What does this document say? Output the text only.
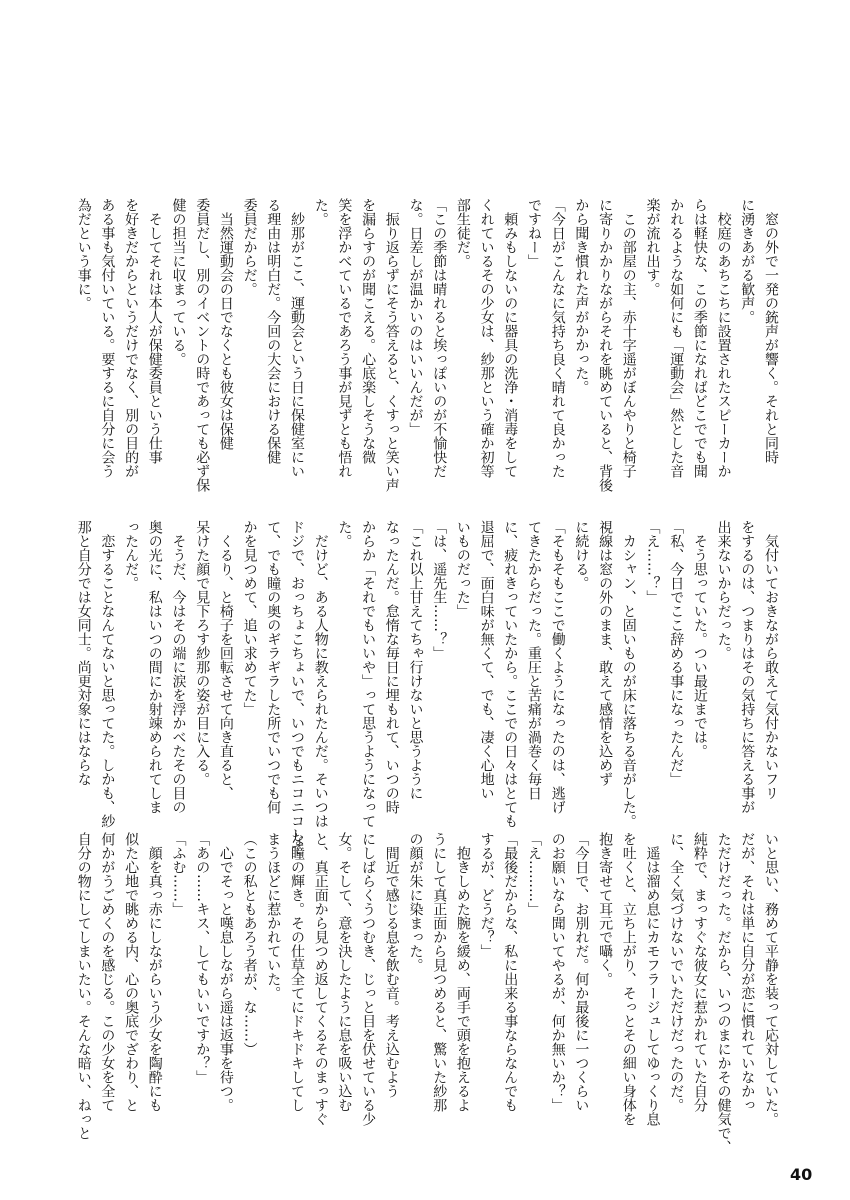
　窓の外で一発の銃声が響く。それと同時
に湧きあがる歓声。
　校庭のあちこちに設置されたスピーカーか
らは軽快な、この季節になればどこででも聞
かれるような如何にも「運動会」然とした音
楽が流れ出す。
　この部屋の主、赤十字遥がぼんやりと椅子
に寄りかかりながらそれを眺めていると、背後
から聞き慣れた声がかかった。
「今日がこんなに気持ち良く晴れて良かった
ですねー」
　頼みもしないのに器具の洗浄・消毒をして
くれているその少女は、紗那という確か初等
部生徒だ。
「この季節は晴れると埃っぽいのが不愉快だ
な。日差しが温かいのはいいんだが」
　振り返らずにそう答えると、くすっと笑い声
を漏らすのが聞こえる。心底楽しそうな微
笑を浮かべているであろう事が見ずとも悟れ
た。
　紗那がここ、運動会という日に保健室にい
る理由は明白だ。今回の大会における保健
委員だからだ。
　当然運動会の日でなくとも彼女は保健
委員だし、別のイベントの時であっても必ず保
健の担当に収まっている。
　そしてそれは本人が保健委員という仕事
を好きだからというだけでなく、別の目的が
ある事も気付いている。要するに自分に会う
為だという事に。
　気付いておきながら敢えて気付かないフリ
をするのは、つまりはその気持ちに答える事が
出来ないからだった。
　そう思っていた。つい最近までは。
「私、今日でここ辞める事になったんだ」
「え……？」
　カシャン、と固いものが床に落ちる音がした。
視線は窓の外のまま、敢えて感情を込めず
に続ける。
「そもそもここで働くようになったのは、逃げ
てきたからだった。重圧と苦痛が渦巻く毎日
に、疲れきっていたから。ここでの日々はとても
退屈で、面白味が無くて、でも、凄く心地い
いものだった」
「は、遥先生……？」
「これ以上甘えてちゃ行けないと思うように
なったんだ。怠惰な毎日に埋もれて、いつの時
からか「それでもいいや」って思うようになって
た。
　だけど、ある人物に教えられたんだ。そいつは
ドジで、おっちょこちょいで、いつでもニコニコして
て、でも瞳の奥のギラギラした所でいつでも何
かを見つめて、追い求めてた」
　くるり、と椅子を回転させて向き直ると、
呆けた顔で見下ろす紗那の姿が目に入る。
　そうだ、今はその端に涙を浮かべたその目の
奥の光に、私はいつの間にか射竦められてしま
ったんだ。
　恋することなんてないと思ってた。しかも、紗
那と自分では女同士。尚更対象にはならな
いと思い、務めて平静を装って応対していた。
だが、それは単に自分が恋に慣れていなかっ
ただけだった。だから、いつのまにかその健気で、
純粋で、まっすぐな彼女に惹かれていた自分
に、全く気づけないでいただけだったのだ。
　遥は溜め息にカモフラージュしてゆっくり息
を吐くと、立ち上がり、そっとその細い身体を
抱き寄せて耳元で囁く。
「今日で、お別れだ。何か最後に一つくらい
のお願いなら聞いてやるが、何か無いか？」
「え………」
「最後だからな、私に出来る事ならなんでも
するが、どうだ？」
　抱きしめた腕を緩め、両手で頭を抱えるよ
うにして真正面から見つめると、驚いた紗那
の顔が朱に染まった。
　間近で感じる息を飲む音。考え込むよう
にしばらくうつむき、じっと目を伏せている少
女。そして、意を決したように息を吸い込む
と、真正面から見つめ返してくるそのまっすぐ
な瞳の輝き。その仕草全てにドキドキしてし
まうほどに惹かれていた。
（この私ともあろう者が、な……）
　心でそっと嘆息しながら遥は返事を待つ。
「あの……キス、してもいいですか？」
「ふむ……」
　顔を真っ赤にしながらいう少女を陶酔にも
似た心地で眺める内、心の奥底でざわり、と
何かがうごめくのを感じる。この少女を全て
自分の物にしてしまいたい。そんな暗い、ねっと
40
